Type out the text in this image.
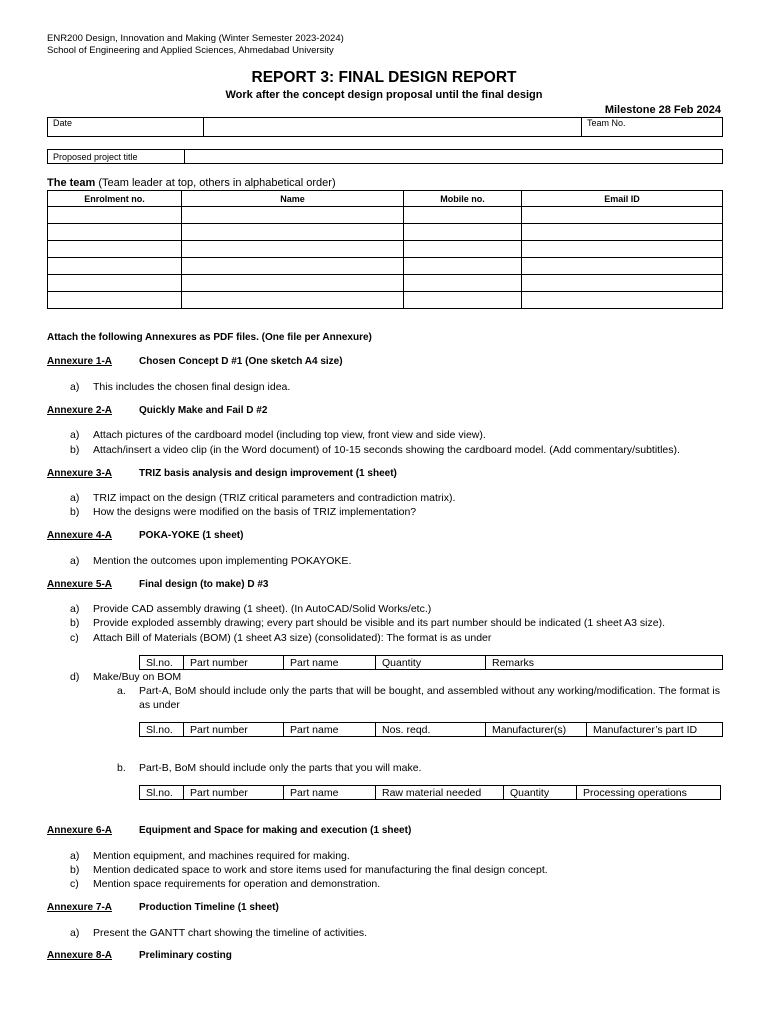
ENR200 Design, Innovation and Making (Winter Semester 2023-2024)
School of Engineering and Applied Sciences, Ahmedabad University
REPORT 3: FINAL DESIGN REPORT
Work after the concept design proposal until the final design
Milestone 28 Feb 2024
Date		Team No.
Proposed project title	
The team (Team leader at top, others in alphabetical order)
Enrolment no.	Name	Mobile no.	Email ID

Attach the following Annexures as PDF files. (One file per Annexure)
Annexure 1-A	Chosen Concept D #1 (One sketch A4 size)
a) This includes the chosen final design idea.
Annexure 2-A	Quickly Make and Fail D #2
a) Attach pictures of the cardboard model (including top view, front view and side view).
b) Attach/insert a video clip (in the Word document) of 10-15 seconds showing the cardboard model. (Add commentary/subtitles).
Annexure 3-A	TRIZ basis analysis and design improvement (1 sheet)
a) TRIZ impact on the design (TRIZ critical parameters and contradiction matrix).
b) How the designs were modified on the basis of TRIZ implementation?
Annexure 4-A	POKA-YOKE (1 sheet)
a) Mention the outcomes upon implementing POKAYOKE.
Annexure 5-A	Final design (to make) D #3
a) Provide CAD assembly drawing (1 sheet). (In AutoCAD/Solid Works/etc.)
b) Provide exploded assembly drawing; every part should be visible and its part number should be indicated (1 sheet A3 size).
c) Attach Bill of Materials (BOM) (1 sheet A3 size) (consolidated): The format is as under
Sl.no.	Part number	Part name	Quantity	Remarks
d) Make/Buy on BOM
a. Part-A, BoM should include only the parts that will be bought, and assembled without any working/modification. The format is as under
Sl.no.	Part number	Part name	Nos. reqd.	Manufacturer(s)	Manufacturer’s part ID
b. Part-B, BoM should include only the parts that you will make.
Sl.no.	Part number	Part name	Raw material needed	Quantity	Processing operations
Annexure 6-A	Equipment and Space for making and execution (1 sheet)
a) Mention equipment, and machines required for making.
b) Mention dedicated space to work and store items used for manufacturing the final design concept.
c) Mention space requirements for operation and demonstration.
Annexure 7-A	Production Timeline (1 sheet)
a) Present the GANTT chart showing the timeline of activities.
Annexure 8-A	Preliminary costing
